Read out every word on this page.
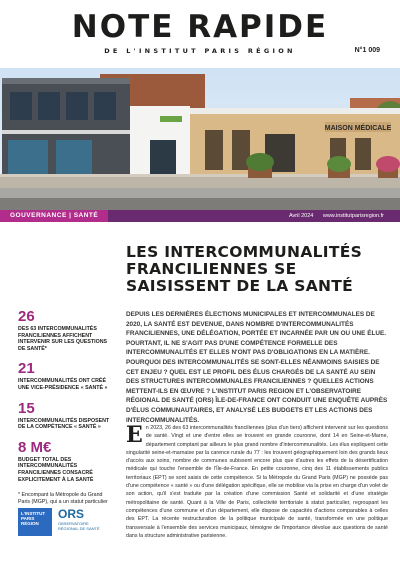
NOTE RAPIDE
DE L'INSTITUT PARIS RÉGION	N°1 009
MAISON MÉDICALE
GOUVERNANCE | SANTÉ	Avril 2024 www.institutparisregion.fr
LES INTERCOMMUNALITÉS FRANCILIENNES SE SAISISSENT DE LA SANTÉ
DEPUIS LES DERNIÈRES ÉLECTIONS MUNICIPALES ET INTERCOMMUNALES DE 2020, LA SANTÉ EST DEVENUE, DANS NOMBRE D'INTERCOMMUNALITÉS FRANCILIENNES, UNE DÉLÉGATION, PORTÉE ET INCARNÉE PAR UN OU UNE ÉLUE. POURTANT, IL NE S'AGIT PAS D'UNE COMPÉTENCE FORMELLE DES INTERCOMMUNALITÉS ET ELLES N'ONT PAS D'OBLIGATIONS EN LA MATIÈRE. POURQUOI DES INTERCOMMUNALITÉS SE SONT-ELLES NÉANMOINS SAISIES DE CET ENJEU ? QUEL EST LE PROFIL DES ÉLUS CHARGÉS DE LA SANTÉ AU SEIN DES STRUCTURES INTERCOMMUNALES FRANCILIENNES ? QUELLES ACTIONS METTENT-ILS EN ŒUVRE ? L'INSTITUT PARIS REGION ET L'OBSERVATOIRE RÉGIONAL DE SANTÉ (ORS) ÎLE-DE-FRANCE ONT CONDUIT UNE ENQUÊTE AUPRÈS D'ÉLUS COMMUNAUTAIRES, ET ANALYSÉ LES BUDGETS ET LES ACTIONS DES INTERCOMMUNALITÉS.
26
DES 63 INTERCOMMUNALITÉS FRANCILIENNES AFFICHENT INTERVENIR SUR LES QUESTIONS DE SANTÉ*
21
INTERCOMMUNALITÉS ONT CRÉÉ UNE VICE-PRÉSIDENCE « SANTÉ »
15
INTERCOMMUNALITÉS DISPOSENT DE LA COMPÉTENCE « SANTÉ »
8 M€
BUDGET TOTAL DES INTERCOMMUNALITÉS FRANCILIENNES CONSACRÉ EXPLICITEMENT À LA SANTÉ
* Encompant la Métropole du Grand Paris (MGP), qui a un statut particulier
L'INSTITUT
PARIS
RÉGION
ORS
OBSERVATOIRE
RÉGIONAL DE SANTÉ
En 2023, 26 des 63 intercommunalités franciliennes (plus d'un tiers) affichent intervenir sur les questions de santé. Vingt et une d'entre elles se trouvent en grande couronne, dont 14 en Seine-et-Marne, département comptant par ailleurs le plus grand nombre d'intercommunalités. Les élus expliquent cette singularité seine-et-marnaise par la carence rurale du 77 : les trouvent géographiquement loin des grands lieux d'accès aux soins, nombre de communes subissent encore plus que d'autres les effets de la désertification médicale qui touche l'ensemble de l'Île-de-France. En petite couronne, cinq des 11 établissements publics territoriaux (EPT) se sont saisis de cette compétence. Si la Métropole du Grand Paris (MGP) ne possède pas d'une compétence « santé » ou d'une délégation spécifique, elle se mobilise via la prise en charge d'un volet de son action, qu'il s'est traduite par la création d'une commission Santé et solidarité et d'une stratégie métropolitaine de santé. Quant à la Ville de Paris, collectivité territoriale à statut particulier, regroupant les compétences d'une commune et d'un département, elle dispose de capacités d'actions comparables à celles des EPT. La récente restructuration de la politique municipale de santé, transformée en une politique transversale à l'ensemble des services municipaux, témoigne de l'importance dévolue aux questions de santé dans la structure administrative parisienne.
